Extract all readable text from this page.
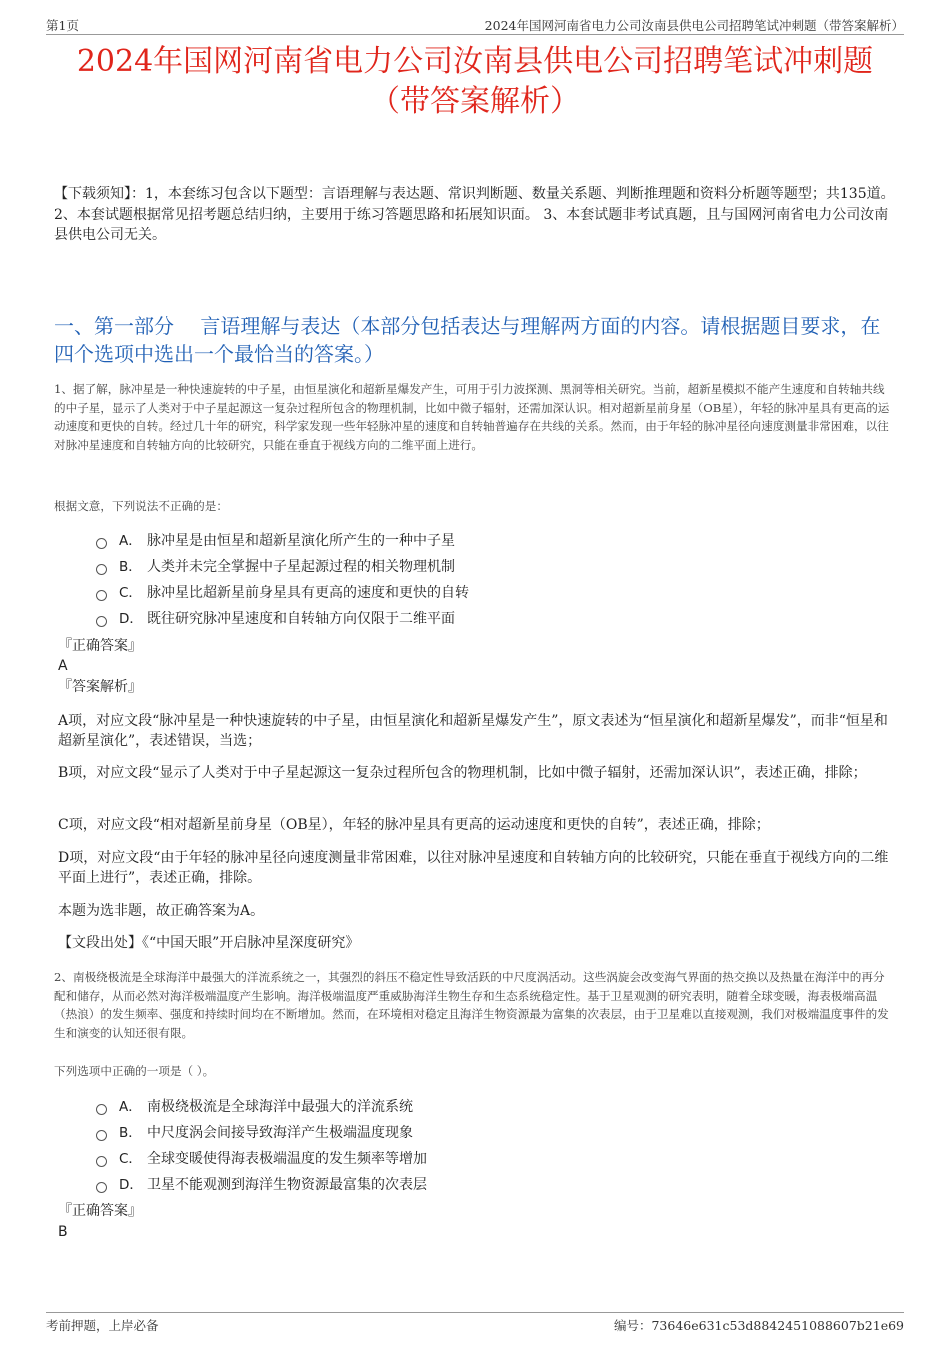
第1页	2024年国网河南省电力公司汝南县供电公司招聘笔试冲刺题（带答案解析）
2024年国网河南省电力公司汝南县供电公司招聘笔试冲刺题
（带答案解析）
【下载须知】：1，本套练习包含以下题型：言语理解与表达题、常识判断题、数量关系题、判断推理题和资料分析题等题型；共135道。 2、本套试题根据常见招考题总结归纳，主要用于练习答题思路和拓展知识面。 3、本套试题非考试真题，且与国网河南省电力公司汝南县供电公司无关。
一、第一部分　 言语理解与表达（本部分包括表达与理解两方面的内容。请根据题目要求，在四个选项中选出一个最恰当的答案。）
1、据了解，脉冲星是一种快速旋转的中子星，由恒星演化和超新星爆发产生，可用于引力波探测、黑洞等相关研究。当前，超新星模拟不能产生速度和自转轴共线的中子星，显示了人类对于中子星起源这一复杂过程所包含的物理机制，比如中微子辐射，还需加深认识。相对超新星前身星（OB星），年轻的脉冲星具有更高的运动速度和更快的自转。经过几十年的研究，科学家发现一些年轻脉冲星的速度和自转轴普遍存在共线的关系。然而，由于年轻的脉冲星径向速度测量非常困难，以往对脉冲星速度和自转轴方向的比较研究，只能在垂直于视线方向的二维平面上进行。
根据文意，下列说法不正确的是：
A． 脉冲星是由恒星和超新星演化所产生的一种中子星
B． 人类并未完全掌握中子星起源过程的相关物理机制
C． 脉冲星比超新星前身星具有更高的速度和更快的自转
D． 既往研究脉冲星速度和自转轴方向仅限于二维平面
『正确答案』
A
『答案解析』
A项，对应文段“脉冲星是一种快速旋转的中子星，由恒星演化和超新星爆发产生”，原文表述为“恒星演化和超新星爆发”，而非“恒星和超新星演化”，表述错误，当选；
B项，对应文段“显示了人类对于中子星起源这一复杂过程所包含的物理机制，比如中微子辐射，还需加深认识”，表述正确，排除；
C项，对应文段“相对超新星前身星（OB星），年轻的脉冲星具有更高的运动速度和更快的自转”，表述正确，排除；
D项，对应文段“由于年轻的脉冲星径向速度测量非常困难，以往对脉冲星速度和自转轴方向的比较研究，只能在垂直于视线方向的二维平面上进行”，表述正确，排除。
本题为选非题，故正确答案为A。
【文段出处】《“中国天眼”开启脉冲星深度研究》
2、南极绕极流是全球海洋中最强大的洋流系统之一，其强烈的斜压不稳定性导致活跃的中尺度涡活动。这些涡旋会改变海气界面的热交换以及热量在海洋中的再分配和储存，从而必然对海洋极端温度产生影响。海洋极端温度严重威胁海洋生物生存和生态系统稳定性。基于卫星观测的研究表明，随着全球变暖，海表极端高温（热浪）的发生频率、强度和持续时间均在不断增加。然而，在环境相对稳定且海洋生物资源最为富集的次表层，由于卫星难以直接观测，我们对极端温度事件的发生和演变的认知还很有限。
下列选项中正确的一项是（ ）。
A． 南极绕极流是全球海洋中最强大的洋流系统
B． 中尺度涡会间接导致海洋产生极端温度现象
C． 全球变暖使得海表极端温度的发生频率等增加
D． 卫星不能观测到海洋生物资源最富集的次表层
『正确答案』
B
考前押题，上岸必备	编号：73646e631c53d8842451088607b21e69
